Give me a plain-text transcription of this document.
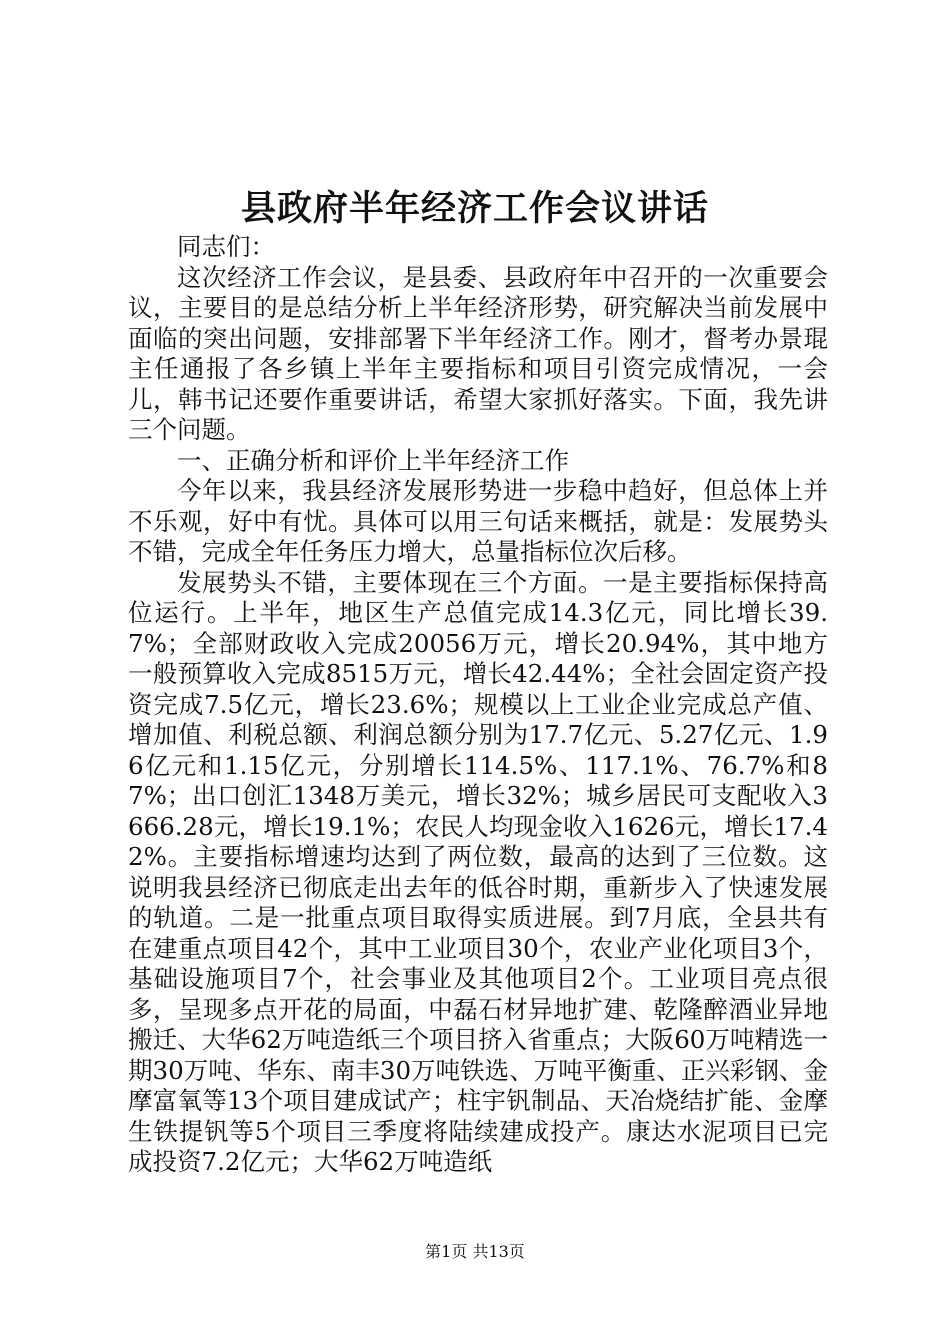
县政府半年经济工作会议讲话

同志们：

这次经济工作会议，是县委、县政府年中召开的一次重要会议，主要目的是总结分析上半年经济形势，研究解决当前发展中面临的突出问题，安排部署下半年经济工作。刚才，督考办景琨主任通报了各乡镇上半年主要指标和项目引资完成情况，一会儿，韩书记还要作重要讲话，希望大家抓好落实。下面，我先讲三个问题。

一、正确分析和评价上半年经济工作

今年以来，我县经济发展形势进一步稳中趋好，但总体上并不乐观，好中有忧。具体可以用三句话来概括，就是：发展势头不错，完成全年任务压力增大，总量指标位次后移。

发展势头不错，主要体现在三个方面。一是主要指标保持高位运行。上半年，地区生产总值完成14.3亿元，同比增长39.7%；全部财政收入完成20056万元，增长20.94%，其中地方一般预算收入完成8515万元，增长42.44%；全社会固定资产投资完成7.5亿元，增长23.6%；规模以上工业企业完成总产值、增加值、利税总额、利润总额分别为17.7亿元、5.27亿元、1.96亿元和1.15亿元，分别增长114.5%、117.1%、76.7%和87%；出口创汇1348万美元，增长32%；城乡居民可支配收入3666.28元，增长19.1%；农民人均现金收入1626元，增长17.42%。主要指标增速均达到了两位数，最高的达到了三位数。这说明我县经济已彻底走出去年的低谷时期，重新步入了快速发展的轨道。二是一批重点项目取得实质进展。到7月底，全县共有在建重点项目42个，其中工业项目30个，农业产业化项目3个，基础设施项目7个，社会事业及其他项目2个。工业项目亮点很多，呈现多点开花的局面，中磊石材异地扩建、乾隆醉酒业异地搬迁、大华62万吨造纸三个项目挤入省重点；大阪60万吨精选一期30万吨、华东、南丰30万吨铁选、万吨平衡重、正兴彩钢、金摩富氧等13个项目建成试产；柱宇钒制品、天冶烧结扩能、金摩生铁提钒等5个项目三季度将陆续建成投产。康达水泥项目已完成投资7.2亿元；大华62万吨造纸

第1页 共13页
